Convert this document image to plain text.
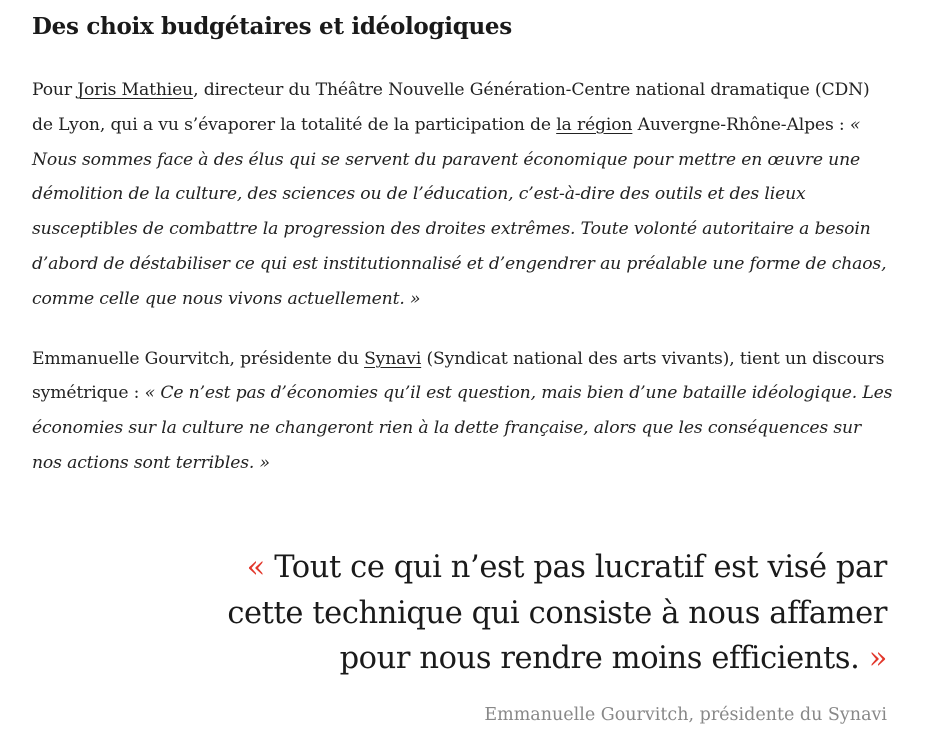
Des choix budgétaires et idéologiques

Pour Joris Mathieu, directeur du Théâtre Nouvelle Génération-Centre national dramatique (CDN) de Lyon, qui a vu s’évaporer la totalité de la participation de la région Auvergne-Rhône-Alpes : « Nous sommes face à des élus qui se servent du paravent économique pour mettre en œuvre une démolition de la culture, des sciences ou de l’éducation, c’est-à-dire des outils et des lieux susceptibles de combattre la progression des droites extrêmes. Toute volonté autoritaire a besoin d’abord de déstabiliser ce qui est institutionnalisé et d’engendrer au préalable une forme de chaos, comme celle que nous vivons actuellement. »

Emmanuelle Gourvitch, présidente du Synavi (Syndicat national des arts vivants), tient un discours symétrique : « Ce n’est pas d’économies qu’il est question, mais bien d’une bataille idéologique. Les économies sur la culture ne changeront rien à la dette française, alors que les conséquences sur nos actions sont terribles. »

« Tout ce qui n’est pas lucratif est visé par cette technique qui consiste à nous affamer pour nous rendre moins efficients. »
Emmanuelle Gourvitch, présidente du Synavi
